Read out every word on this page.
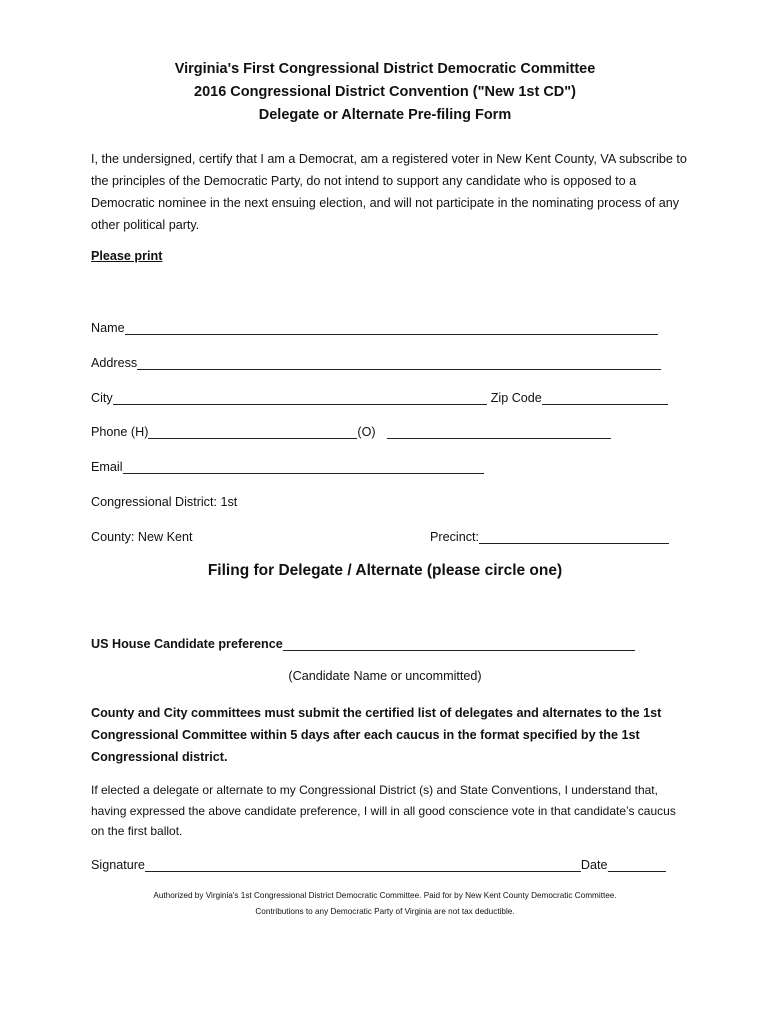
Virginia's First Congressional District Democratic Committee
2016 Congressional District Convention ("New 1st CD")
Delegate or Alternate Pre-filing Form
I, the undersigned, certify that I am a Democrat, am a registered voter in New Kent County, VA subscribe to the principles of the Democratic Party, do not intend to support any candidate who is opposed to a Democratic nominee in the next ensuing election, and will not participate in the nominating process of any other political party.
Please print
Name
Address
City	Zip Code
Phone (H)	(O)
Email
Congressional District: 1st
County: New Kent	Precinct:
Filing for Delegate / Alternate (please circle one)
US House Candidate preference
(Candidate Name or uncommitted)
County and City committees must submit the certified list of delegates and alternates to the 1st Congressional Committee within 5 days after each caucus in the format specified by the 1st Congressional district.
If elected a delegate or alternate to my Congressional District (s) and State Conventions, I understand that, having expressed the above candidate preference, I will in all good conscience vote in that candidate’s caucus on the first ballot.
Signature	Date
Authorized by Virginia's 1st Congressional District Democratic Committee. Paid for by New Kent County Democratic Committee.
Contributions to any Democratic Party of Virginia are not tax deductible.
